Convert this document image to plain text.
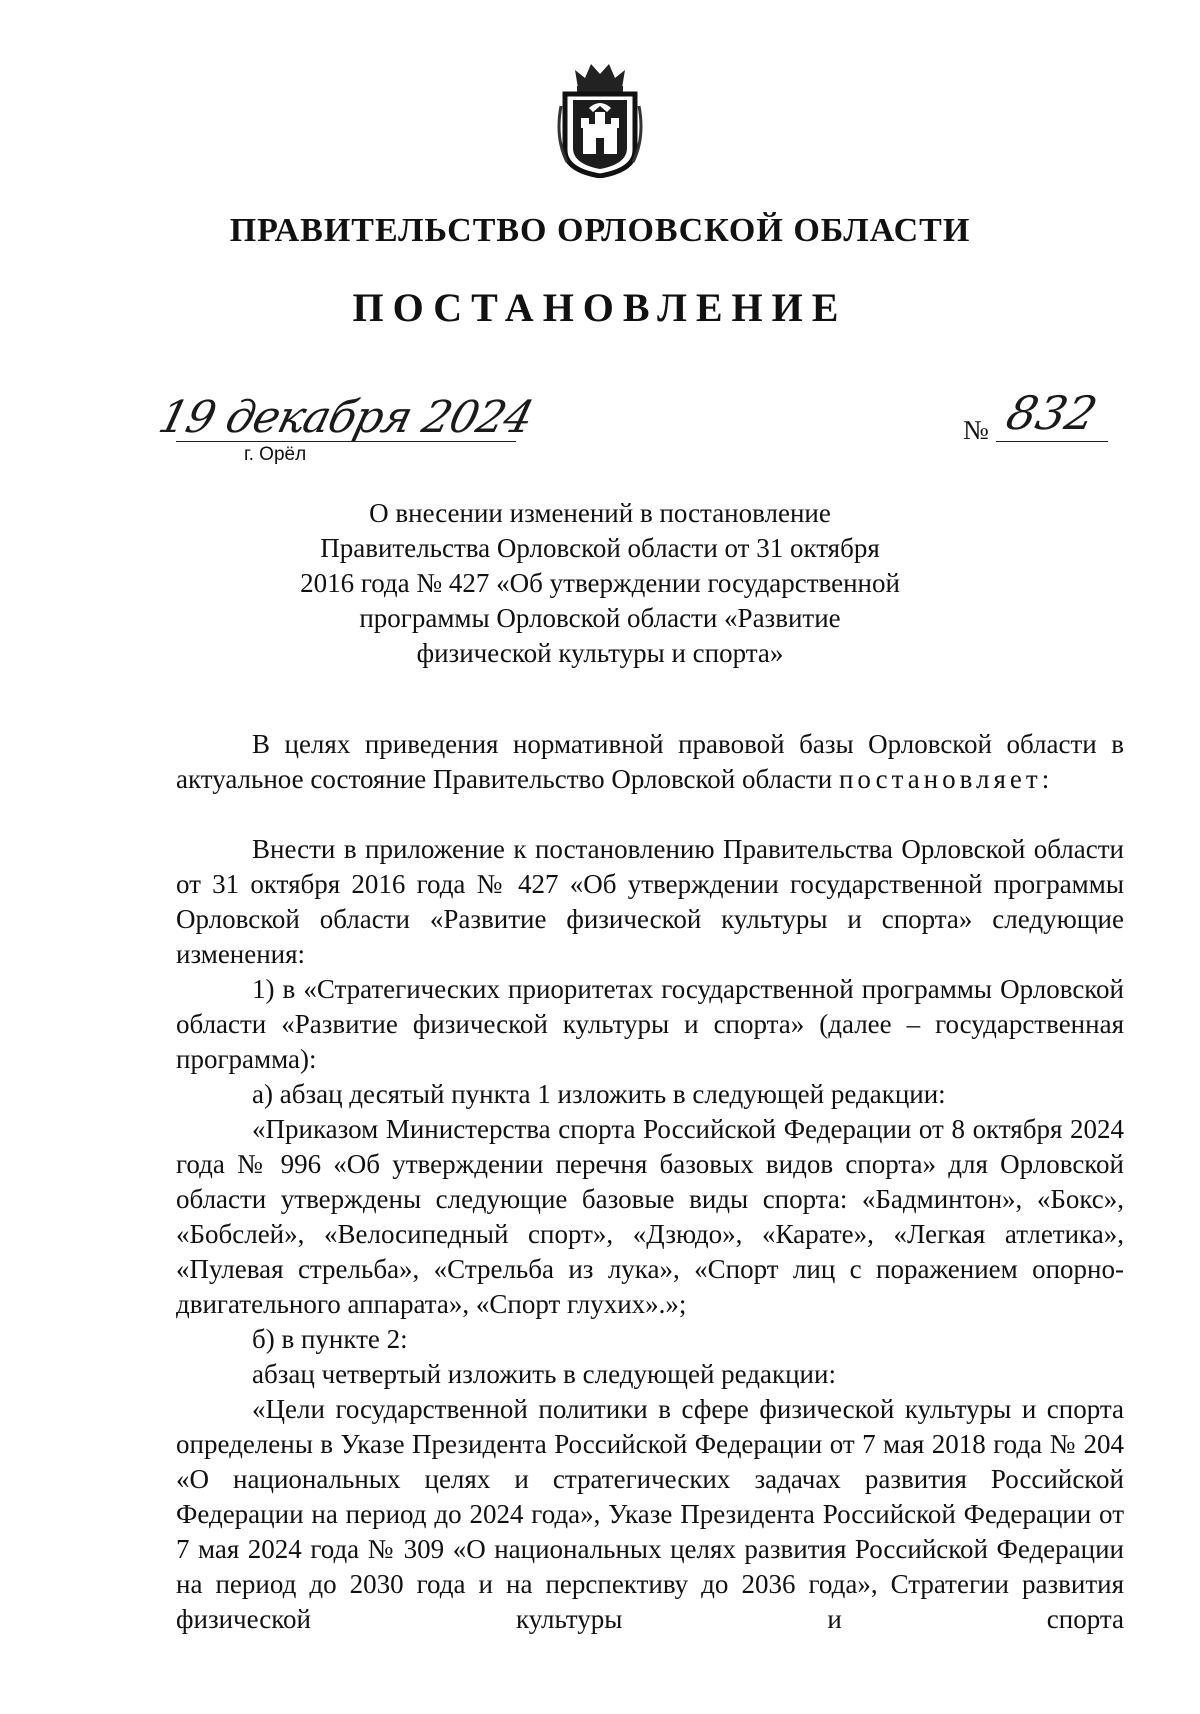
ПРАВИТЕЛЬСТВО ОРЛОВСКОЙ ОБЛАСТИ
ПОСТАНОВЛЕНИЕ
19 декабря 2024
г. Орёл
№ 832
О внесении изменений в постановление
Правительства Орловской области от 31 октября
2016 года № 427 «Об утверждении государственной
программы Орловской области «Развитие
физической культуры и спорта»
В целях приведения нормативной правовой базы Орловской области в актуальное состояние Правительство Орловской области постановляет:
Внести в приложение к постановлению Правительства Орловской области от 31 октября 2016 года № 427 «Об утверждении государственной программы Орловской области «Развитие физической культуры и спорта» следующие изменения:
1) в «Стратегических приоритетах государственной программы Орловской области «Развитие физической культуры и спорта» (далее – государственная программа):
а) абзац десятый пункта 1 изложить в следующей редакции:
«Приказом Министерства спорта Российской Федерации от 8 октября 2024 года № 996 «Об утверждении перечня базовых видов спорта» для Орловской области утверждены следующие базовые виды спорта: «Бадминтон», «Бокс», «Бобслей», «Велосипедный спорт», «Дзюдо», «Карате», «Легкая атлетика», «Пулевая стрельба», «Стрельба из лука», «Спорт лиц с поражением опорно-двигательного аппарата», «Спорт глухих».»;
б) в пункте 2:
абзац четвертый изложить в следующей редакции:
«Цели государственной политики в сфере физической культуры и спорта определены в Указе Президента Российской Федерации от 7 мая 2018 года № 204 «О национальных целях и стратегических задачах развития Российской Федерации на период до 2024 года», Указе Президента Российской Федерации от 7 мая 2024 года № 309 «О национальных целях развития Российской Федерации на период до 2030 года и на перспективу до 2036 года», Стратегии развития физической культуры и спорта
